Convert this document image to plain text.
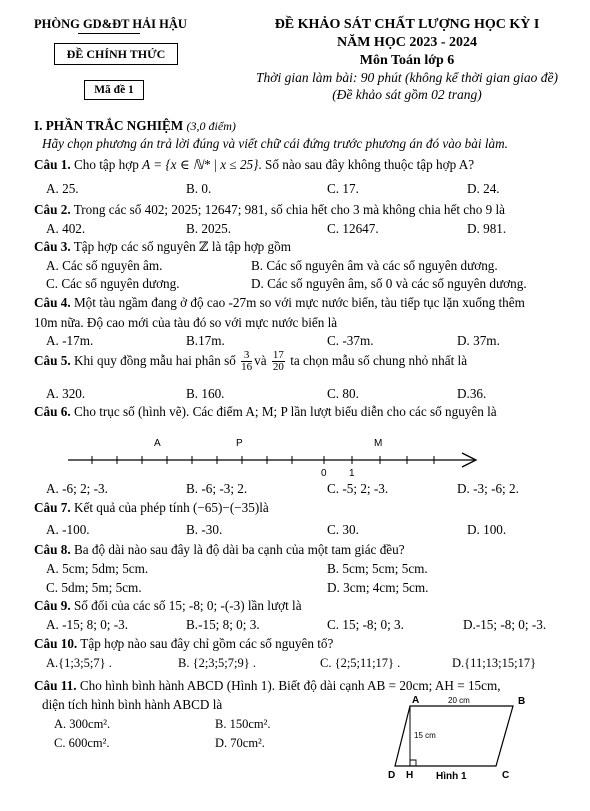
PHÒNG GD&ĐT HẢI HẬU
ĐỀ CHÍNH THỨC
Mã đề 1
ĐỀ KHẢO SÁT CHẤT LƯỢNG HỌC KỲ I
NĂM HỌC 2023 - 2024
Môn Toán lớp 6
Thời gian làm bài: 90 phút (không kể thời gian giao đề)
(Đề khảo sát gồm 02 trang)
I. PHẦN TRẮC NGHIỆM (3,0 điểm)
Hãy chọn phương án trả lời đúng và viết chữ cái đứng trước phương án đó vào bài làm.
Câu 1. Cho tập hợp A = {x ∈ ℕ* | x ≤ 25}. Số nào sau đây không thuộc tập hợp A?
A. 25.	B. 0.	C. 17.	D. 24.
Câu 2. Trong các số 402; 2025; 12647; 981, số chia hết cho 3 mà không chia hết cho 9 là
A. 402.	B. 2025.	C. 12647.	D. 981.
Câu 3. Tập hợp các số nguyên ℤ là tập hợp gồm
A. Các số nguyên âm.	B. Các số nguyên âm và các số nguyên dương.
C. Các số nguyên dương.	D. Các số nguyên âm, số 0 và các số nguyên dương.
Câu 4. Một tàu ngầm đang ở độ cao -27m so với mực nước biển, tàu tiếp tục lặn xuống thêm
10m nữa. Độ cao mới của tàu đó so với mực nước biển là
A. -17m.	B.17m.	C. -37m.	D. 37m.
Câu 5. Khi quy đồng mẫu hai phân số $\frac{3}{16}$ và $\frac{17}{20}$ ta chọn mẫu số chung nhỏ nhất là
A. 320.	B. 160.	C. 80.	D.36.
Câu 6. Cho trục số (hình vẽ). Các điểm A; M; P lần lượt biểu diễn cho các số nguyên là
A	P	M
0 1
A. -6; 2; -3.	B. -6; -3; 2.	C. -5; 2; -3.	D. -3; -6; 2.
Câu 7. Kết quả của phép tính (−65)−(−35)là
A. -100.	B. -30.	C. 30.	D. 100.
Câu 8. Ba độ dài nào sau đây là độ dài ba cạnh của một tam giác đều?
A. 5cm; 5dm; 5cm.	B. 5cm; 5cm; 5cm.
C. 5dm; 5m; 5cm.	D. 3cm; 4cm; 5cm.
Câu 9. Số đối của các số 15; -8; 0; -(-3) lần lượt là
A. -15; 8; 0; -3.	B.-15; 8; 0; 3.	C. 15; -8; 0; 3.	D.-15; -8; 0; -3.
Câu 10. Tập hợp nào sau đây chỉ gồm các số nguyên tố?
A.{1;3;5;7} .	B. {2;3;5;7;9} .	C. {2;5;11;17} .	D.{11;13;15;17}
Câu 11. Cho hình bình hành ABCD (Hình 1). Biết độ dài cạnh AB = 20cm; AH = 15cm,
diện tích hình bình hành ABCD là
A. 300cm².	B. 150cm².
C. 600cm².	D. 70cm².
A	B
C
D H
20 cm
15 cm
Hình 1
